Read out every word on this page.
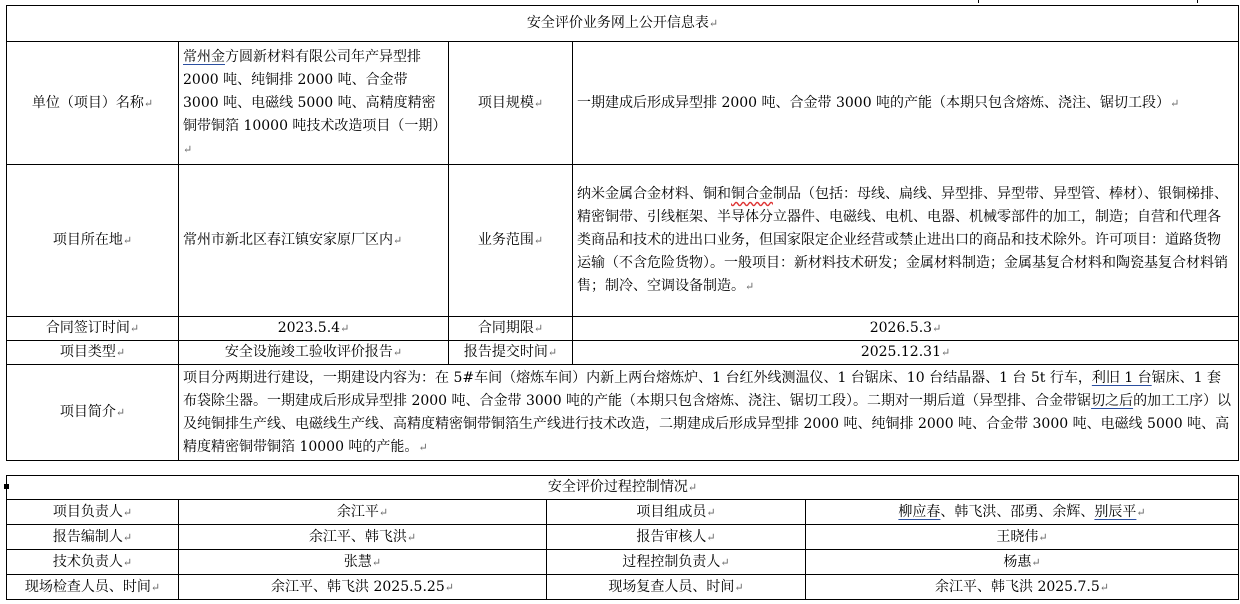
安全评价业务网上公开信息表↵			
单位（项目）名称↵	常州金方圆新材料有限公司年产异型排 2000 吨、纯铜排 2000 吨、合金带 3000 吨、电磁线 5000 吨、高精度精密铜带铜箔 10000 吨技术改造项目（一期）↵	项目规模↵	一期建成后形成异型排 2000 吨、合金带 3000 吨的产能（本期只包含熔炼、浇注、锯切工段）↵
项目所在地↵	常州市新北区春江镇安家原厂区内↵	业务范围↵	纳米金属合金材料、铜和铜合金制品（包括：母线、扁线、异型排、异型带、异型管、棒材）、银铜梯排、精密铜带、引线框架、半导体分立器件、电磁线、电机、电器、机械零部件的加工，制造；自营和代理各类商品和技术的进出口业务，但国家限定企业经营或禁止进出口的商品和技术除外。许可项目：道路货物运输（不含危险货物）。一般项目：新材料技术研发；金属材料制造；金属基复合材料和陶瓷基复合材料销售；制冷、空调设备制造。↵
合同签订时间↵	2023.5.4↵	合同期限↵	2026.5.3↵
项目类型↵	安全设施竣工验收评价报告↵	报告提交时间↵	2025.12.31↵
项目简介↵	项目分两期进行建设，一期建设内容为：在 5#车间（熔炼车间）内新上两台熔炼炉、1 台红外线测温仪、1 台锯床、10 台结晶器、1 台 5t 行车，利旧 1 台锯床、1 套布袋除尘器。一期建成后形成异型排 2000 吨、合金带 3000 吨的产能（本期只包含熔炼、浇注、锯切工段）。二期对一期后道（异型排、合金带锯切之后的加工工序）以及纯铜排生产线、电磁线生产线、高精度精密铜带铜箔生产线进行技术改造，二期建成后形成异型排 2000 吨、纯铜排 2000 吨、合金带 3000 吨、电磁线 5000 吨、高精度精密铜带铜箔 10000 吨的产能。↵		
安全评价过程控制情况↵			
项目负责人↵	余江平↵	项目组成员↵	柳应春、韩飞洪、邵勇、余辉、别辰平↵
报告编制人↵	余江平、韩飞洪↵	报告审核人↵	王晓伟↵
技术负责人↵	张慧↵	过程控制负责人↵	杨惠↵
现场检查人员、时间↵	余江平、韩飞洪 2025.5.25↵	现场复查人员、时间↵	余江平、韩飞洪 2025.7.5↵
